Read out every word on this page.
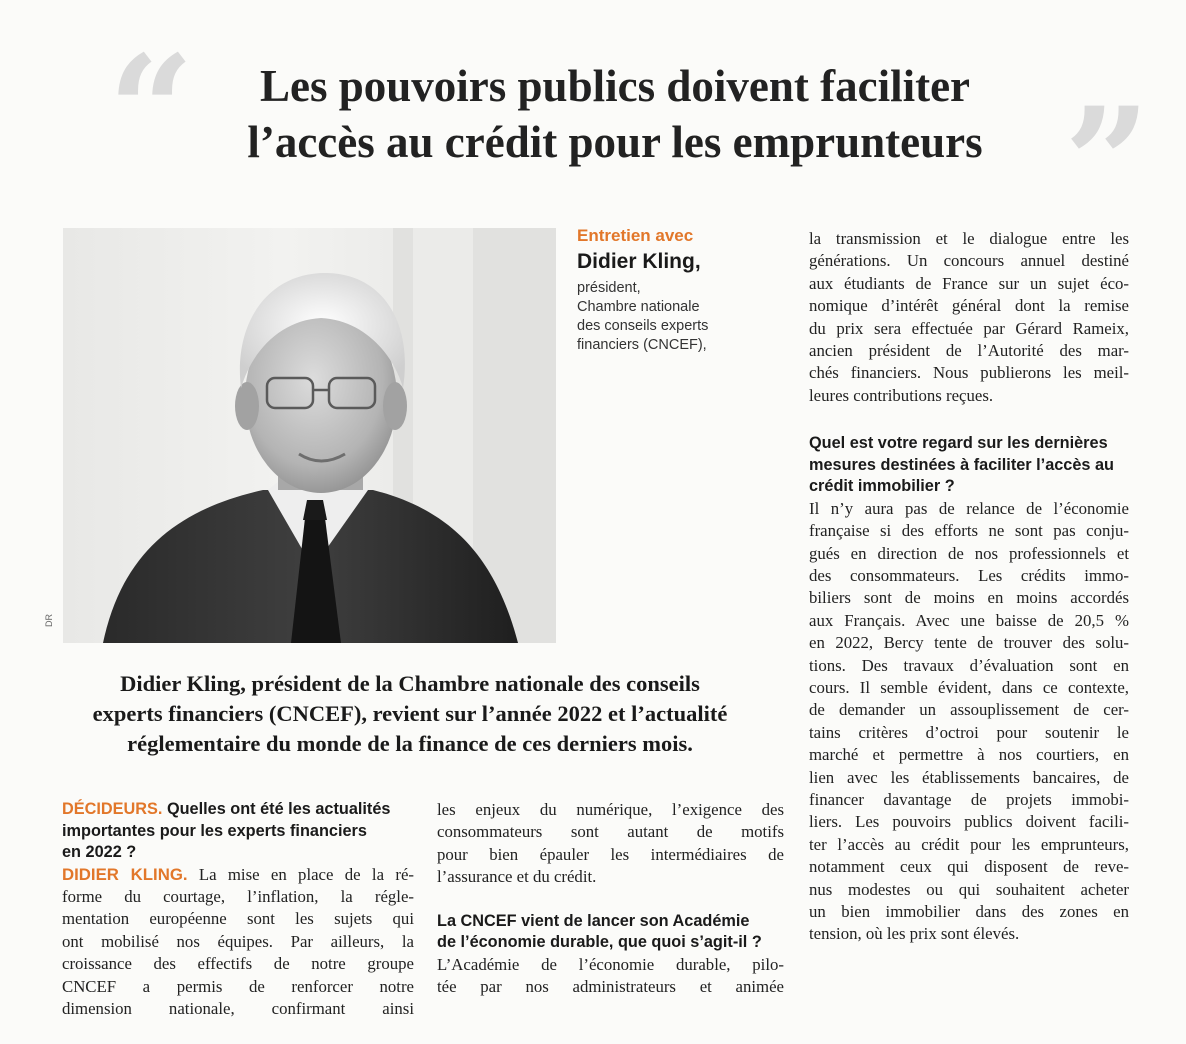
“	”
Les pouvoirs publics doivent faciliter
l’accès au crédit pour les emprunteurs
DR
Entretien avec
Didier Kling,
président,
Chambre nationale
des conseils experts
financiers (CNCEF),

Didier Kling, président de la Chambre nationale des conseils
experts financiers (CNCEF), revient sur l’année 2022 et l’actualité
réglementaire du monde de la finance de ces derniers mois.

DÉCIDEURS. Quelles ont été les actualités
importantes pour les experts financiers
en 2022 ?
DIDIER KLING. La mise en place de la ré-
forme du courtage, l’inflation, la régle-
mentation européenne sont les sujets qui
ont mobilisé nos équipes. Par ailleurs, la
croissance des effectifs de notre groupe
CNCEF a permis de renforcer notre
dimension nationale, confirmant ainsi
les enjeux du numérique, l’exigence des
consommateurs sont autant de motifs
pour bien épauler les intermédiaires de
l’assurance et du crédit.
La CNCEF vient de lancer son Académie
de l’économie durable, que quoi s’agit-il ?
L’Académie de l’économie durable, pilo-
tée par nos administrateurs et animée
la transmission et le dialogue entre les
générations. Un concours annuel destiné
aux étudiants de France sur un sujet éco-
nomique d’intérêt général dont la remise
du prix sera effectuée par Gérard Rameix,
ancien président de l’Autorité des mar-
chés financiers. Nous publierons les meil-
leures contributions reçues.
Quel est votre regard sur les dernières
mesures destinées à faciliter l’accès au
crédit immobilier ?
Il n’y aura pas de relance de l’économie
française si des efforts ne sont pas conju-
gués en direction de nos professionnels et
des consommateurs. Les crédits immo-
biliers sont de moins en moins accordés
aux Français. Avec une baisse de 20,5 %
en 2022, Bercy tente de trouver des solu-
tions. Des travaux d’évaluation sont en
cours. Il semble évident, dans ce contexte,
de demander un assouplissement de cer-
tains critères d’octroi pour soutenir le
marché et permettre à nos courtiers, en
lien avec les établissements bancaires, de
financer davantage de projets immobi-
liers. Les pouvoirs publics doivent facili-
ter l’accès au crédit pour les emprunteurs,
notamment ceux qui disposent de reve-
nus modestes ou qui souhaitent acheter
un bien immobilier dans des zones en
tension, où les prix sont élevés.
